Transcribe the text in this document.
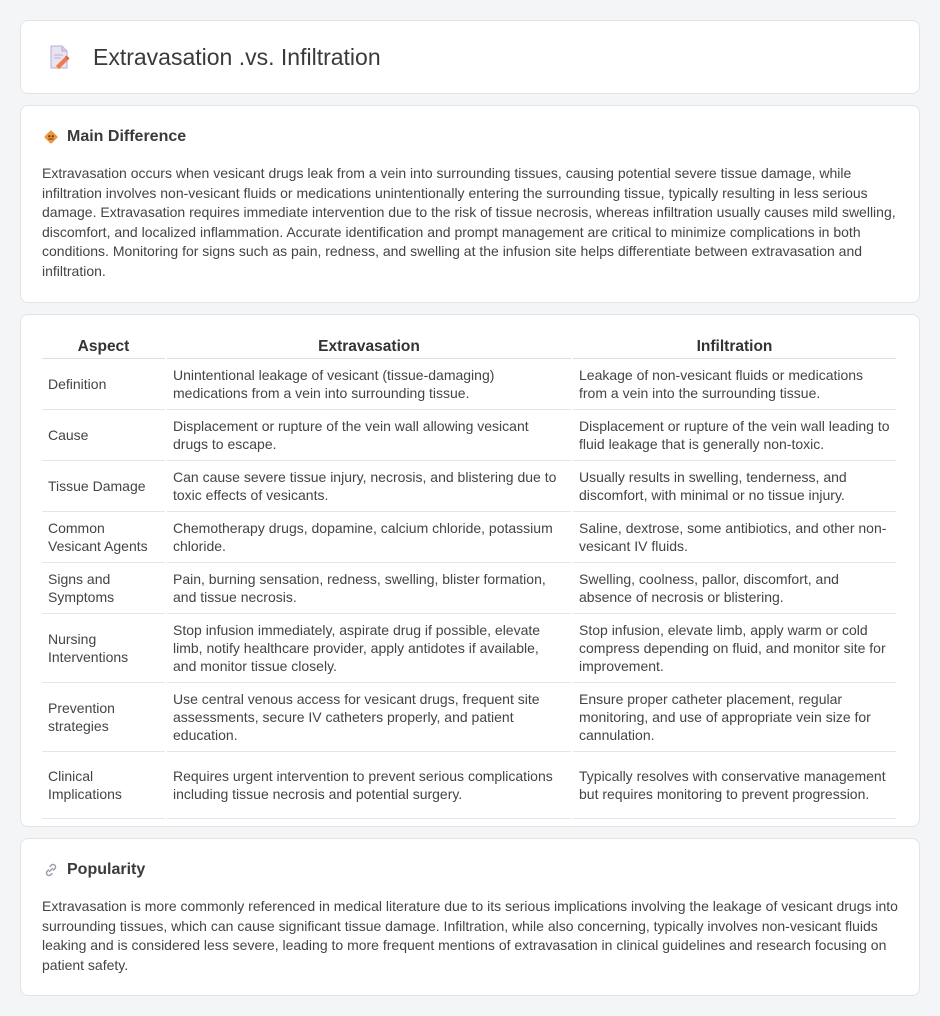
Extravasation .vs. Infiltration
Main Difference

Extravasation occurs when vesicant drugs leak from a vein into surrounding tissues, causing potential severe tissue damage, while infiltration involves non-vesicant fluids or medications unintentionally entering the surrounding tissue, typically resulting in less serious damage. Extravasation requires immediate intervention due to the risk of tissue necrosis, whereas infiltration usually causes mild swelling, discomfort, and localized inflammation. Accurate identification and prompt management are critical to minimize complications in both conditions. Monitoring for signs such as pain, redness, and swelling at the infusion site helps differentiate between extravasation and infiltration.

Aspect	Extravasation	Infiltration
Definition	Unintentional leakage of vesicant (tissue-damaging) medications from a vein into surrounding tissue.	Leakage of non-vesicant fluids or medications from a vein into the surrounding tissue.
Cause	Displacement or rupture of the vein wall allowing vesicant drugs to escape.	Displacement or rupture of the vein wall leading to fluid leakage that is generally non-toxic.
Tissue Damage	Can cause severe tissue injury, necrosis, and blistering due to toxic effects of vesicants.	Usually results in swelling, tenderness, and discomfort, with minimal or no tissue injury.
Common Vesicant Agents	Chemotherapy drugs, dopamine, calcium chloride, potassium chloride.	Saline, dextrose, some antibiotics, and other non-vesicant IV fluids.
Signs and Symptoms	Pain, burning sensation, redness, swelling, blister formation, and tissue necrosis.	Swelling, coolness, pallor, discomfort, and absence of necrosis or blistering.
Nursing Interventions	Stop infusion immediately, aspirate drug if possible, elevate limb, notify healthcare provider, apply antidotes if available, and monitor tissue closely.	Stop infusion, elevate limb, apply warm or cold compress depending on fluid, and monitor site for improvement.
Prevention strategies	Use central venous access for vesicant drugs, frequent site assessments, secure IV catheters properly, and patient education.	Ensure proper catheter placement, regular monitoring, and use of appropriate vein size for cannulation.
Clinical Implications	Requires urgent intervention to prevent serious complications including tissue necrosis and potential surgery.	Typically resolves with conservative management but requires monitoring to prevent progression.
Popularity

Extravasation is more commonly referenced in medical literature due to its serious implications involving the leakage of vesicant drugs into surrounding tissues, which can cause significant tissue damage. Infiltration, while also concerning, typically involves non-vesicant fluids leaking and is considered less severe, leading to more frequent mentions of extravasation in clinical guidelines and research focusing on patient safety.
